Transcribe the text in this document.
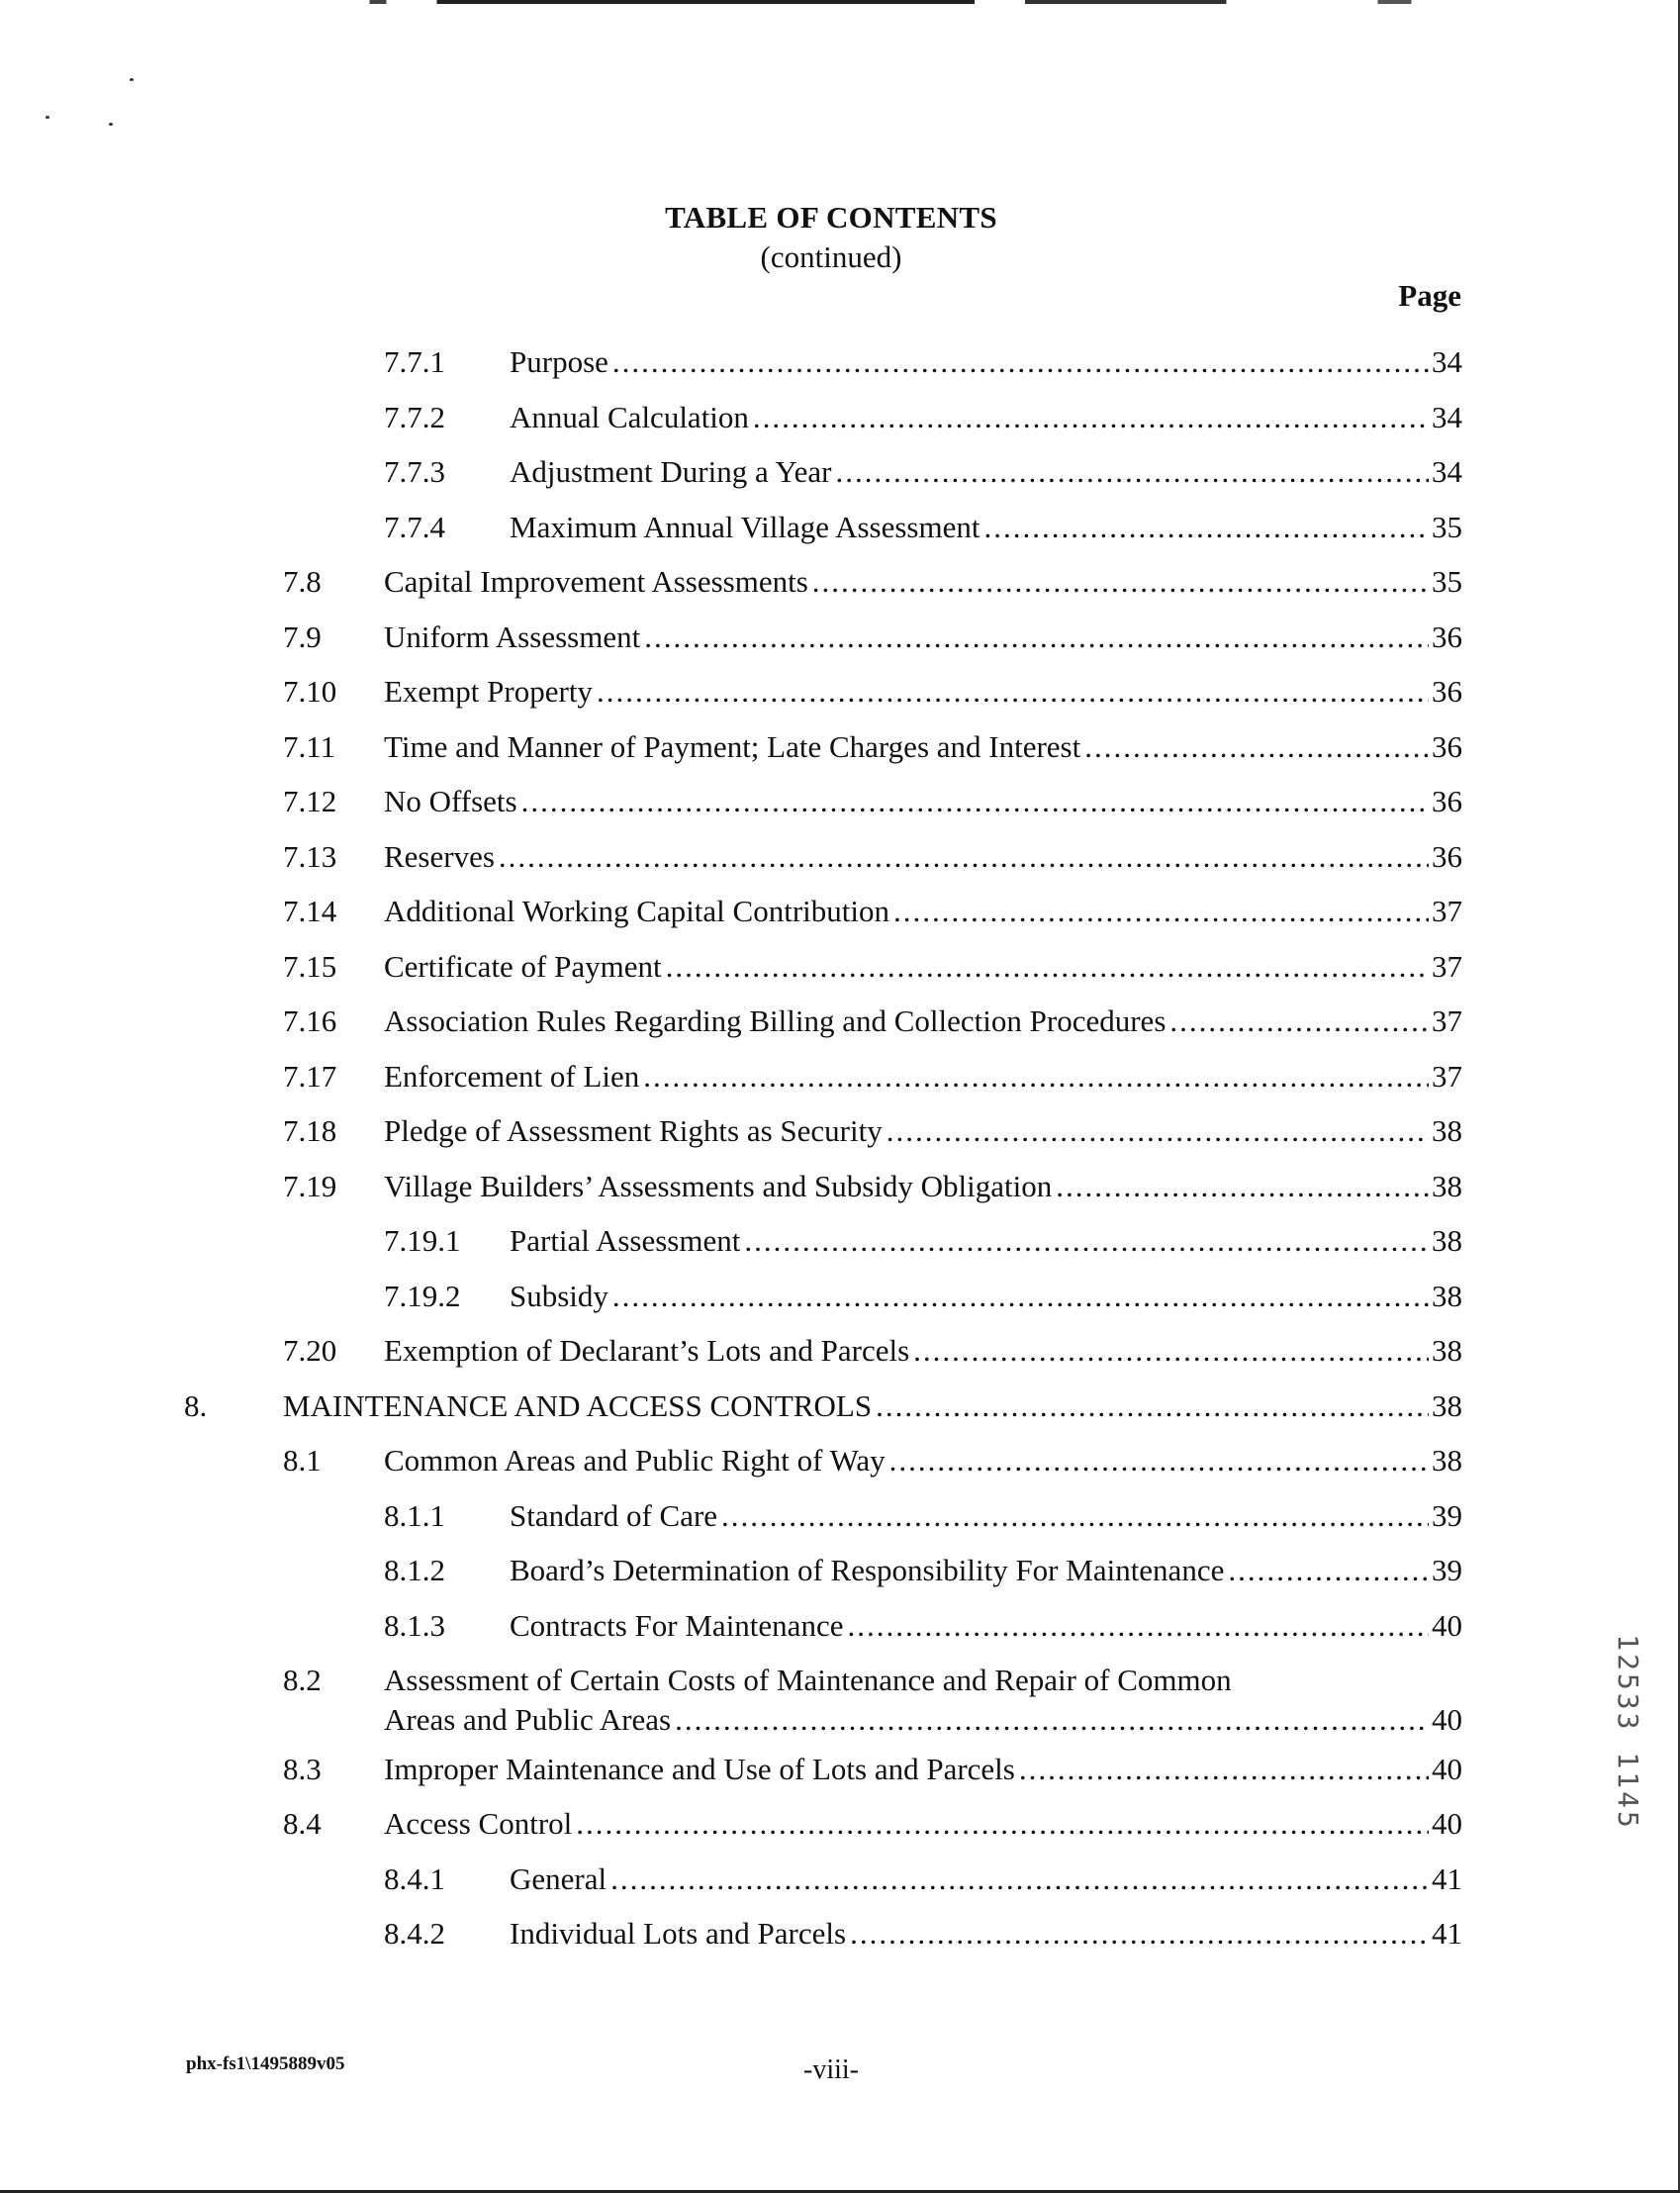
TABLE OF CONTENTS
(continued)
Page
7.7.1 Purpose .....	34
7.7.2 Annual Calculation .....	34
7.7.3 Adjustment During a Year .....	34
7.7.4 Maximum Annual Village Assessment .....	35
7.8 Capital Improvement Assessments .....	35
7.9 Uniform Assessment .....	36
7.10 Exempt Property .....	36
7.11 Time and Manner of Payment; Late Charges and Interest .....	36
7.12 No Offsets .....	36
7.13 Reserves .....	36
7.14 Additional Working Capital Contribution .....	37
7.15 Certificate of Payment .....	37
7.16 Association Rules Regarding Billing and Collection Procedures .....	37
7.17 Enforcement of Lien .....	37
7.18 Pledge of Assessment Rights as Security .....	38
7.19 Village Builders’ Assessments and Subsidy Obligation .....	38
7.19.1 Partial Assessment .....	38
7.19.2 Subsidy .....	38
7.20 Exemption of Declarant’s Lots and Parcels .....	38
8. MAINTENANCE AND ACCESS CONTROLS .....	38
8.1 Common Areas and Public Right of Way .....	38
8.1.1 Standard of Care .....	39
8.1.2 Board’s Determination of Responsibility For Maintenance .....	39
8.1.3 Contracts For Maintenance .....	40
8.2 Assessment of Certain Costs of Maintenance and Repair of Common
Areas and Public Areas .....	40
8.3 Improper Maintenance and Use of Lots and Parcels .....	40
8.4 Access Control .....	40
8.4.1 General .....	41
8.4.2 Individual Lots and Parcels .....	41
12533 1145
phx-fs1\1495889v05	-viii-
